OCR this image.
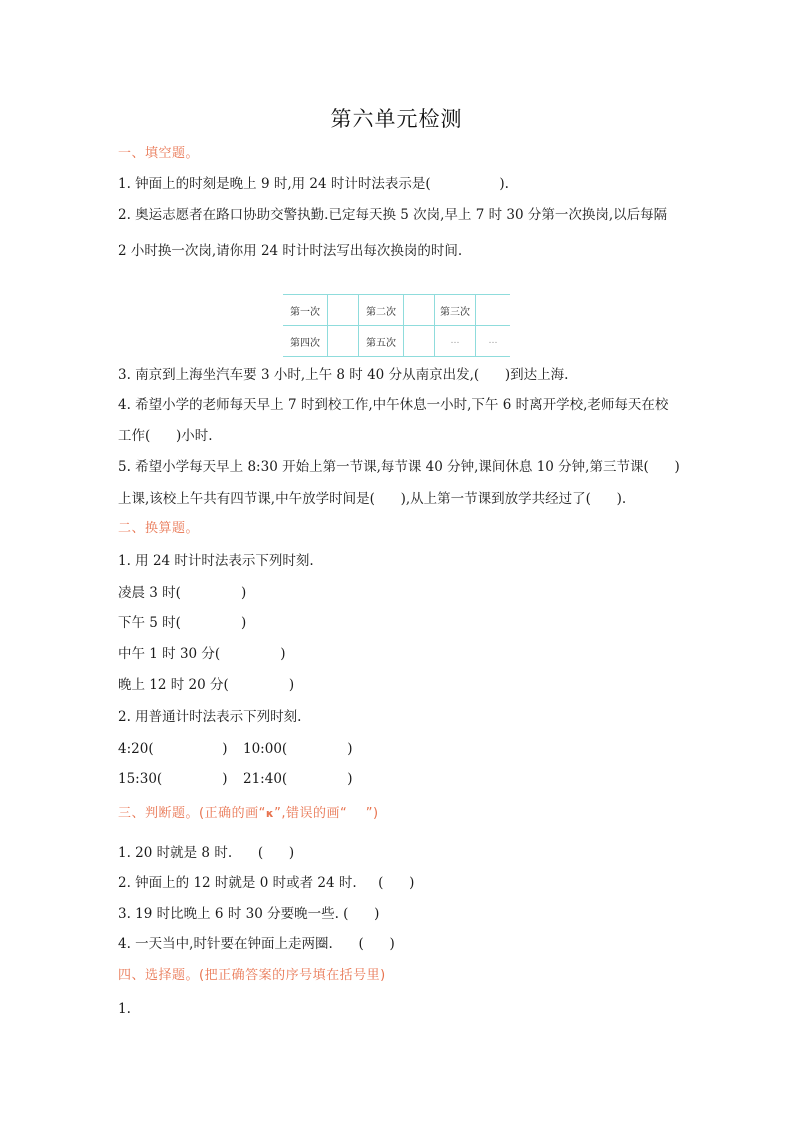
第六单元检测
一、填空题。
1. 钟面上的时刻是晚上 9 时,用 24 时计时法表示是(                ).
2. 奥运志愿者在路口协助交警执勤.已定每天换 5 次岗,早上 7 时 30 分第一次换岗,以后每隔
2 小时换一次岗,请你用 24 时计时法写出每次换岗的时间.
第一次		第二次		第三次	
第四次		第五次		…	…
3. 南京到上海坐汽车要 3 小时,上午 8 时 40 分从南京出发,(      )到达上海.
4. 希望小学的老师每天早上 7 时到校工作,中午休息一小时,下午 6 时离开学校,老师每天在校
工作(      )小时.
5. 希望小学每天早上 8:30 开始上第一节课,每节课 40 分钟,课间休息 10 分钟,第三节课(      )
上课,该校上午共有四节课,中午放学时间是(      ),从上第一节课到放学共经过了(      ).
二、换算题。
1. 用 24 时计时法表示下列时刻.
凌晨 3 时(              )
下午 5 时(              )
中午 1 时 30 分(              )
晚上 12 时 20 分(              )
2. 用普通计时法表示下列时刻.
4:20(                ) 10:00(              )
15:30(              ) 21:40(              )
三、判断题。(正确的画“κ”,错误的画“    ”)
1. 20 时就是 8 时.      (      )
2. 钟面上的 12 时就是 0 时或者 24 时.     (      )
3. 19 时比晚上 6 时 30 分要晚一些. (      )
4. 一天当中,时针要在钟面上走两圈.      (      )
四、选择题。(把正确答案的序号填在括号里)
1.
